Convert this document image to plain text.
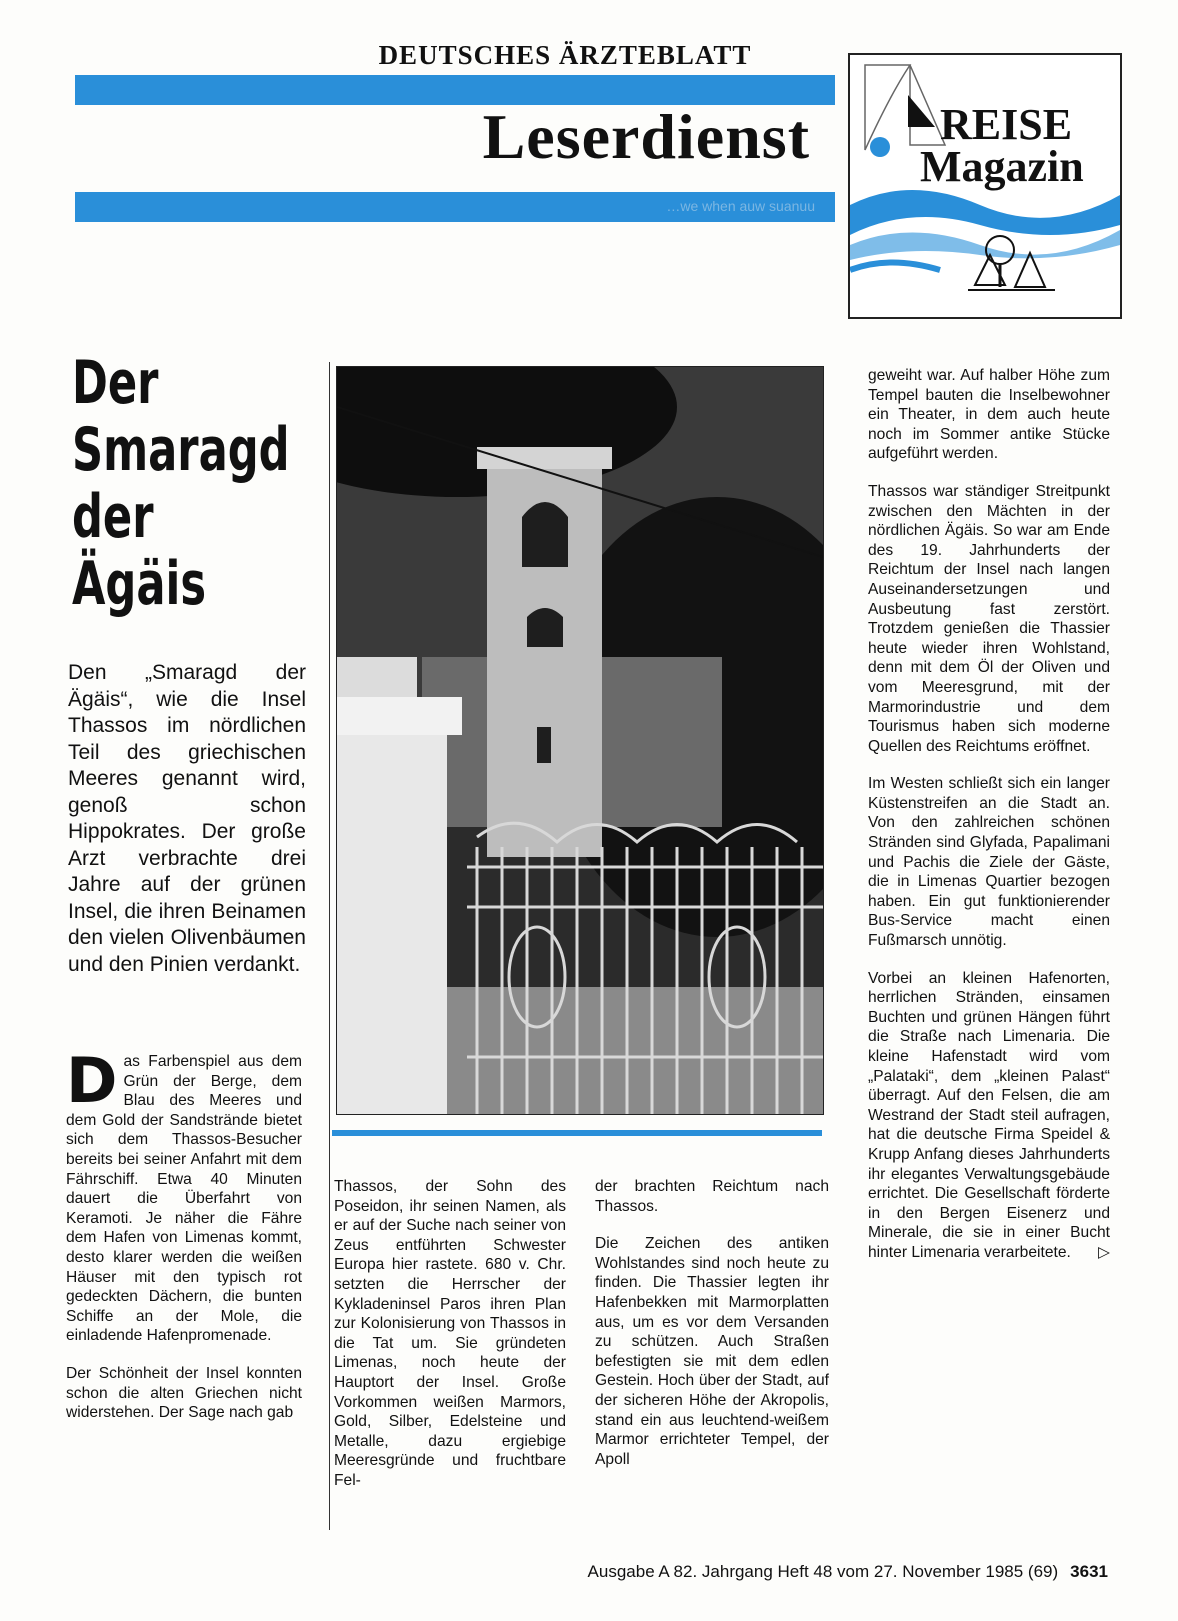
DEUTSCHES ÄRZTEBLATT
Leserdienst
…we when auw suanuu
REISE
Magazin
Der
Smaragd
der
Ägäis
Den „Smaragd der Ägäis“, wie die Insel Thassos im nördlichen Teil des griechischen Meeres genannt wird, genoß schon Hippokrates. Der große Arzt verbrachte drei Jahre auf der grünen Insel, die ihren Beinamen den vielen Olivenbäumen und den Pinien verdankt.

Das Farbenspiel aus dem Grün der Berge, dem Blau des Meeres und dem Gold der Sandstrände bietet sich dem Thassos-Besucher bereits bei seiner Anfahrt mit dem Fährschiff. Etwa 40 Minuten dauert die Überfahrt von Keramoti. Je näher die Fähre dem Hafen von Limenas kommt, desto klarer werden die weißen Häuser mit den typisch rot gedeckten Dächern, die bunten Schiffe an der Mole, die einladende Hafenpromenade.

Der Schönheit der Insel konnten schon die alten Griechen nicht widerstehen. Der Sage nach gab

Thassos, der Sohn des Poseidon, ihr seinen Namen, als er auf der Suche nach seiner von Zeus entführten Schwester Europa hier rastete. 680 v. Chr. setzten die Herrscher der Kykladeninsel Paros ihren Plan zur Kolonisierung von Thassos in die Tat um. Sie gründeten Limenas, noch heute der Hauptort der Insel. Große Vorkommen weißen Marmors, Gold, Silber, Edelsteine und Metalle, dazu ergiebige Meeresgründe und fruchtbare Fel-

der brachten Reichtum nach Thassos.

Die Zeichen des antiken Wohlstandes sind noch heute zu finden. Die Thassier legten ihr Hafenbekken mit Marmorplatten aus, um es vor dem Versanden zu schützen. Auch Straßen befestigten sie mit dem edlen Gestein. Hoch über der Stadt, auf der sicheren Höhe der Akropolis, stand ein aus leuchtend-weißem Marmor errichteter Tempel, der Apoll

geweiht war. Auf halber Höhe zum Tempel bauten die Inselbewohner ein Theater, in dem auch heute noch im Sommer antike Stücke aufgeführt werden.

Thassos war ständiger Streitpunkt zwischen den Mächten in der nördlichen Ägäis. So war am Ende des 19. Jahrhunderts der Reichtum der Insel nach langen Auseinandersetzungen und Ausbeutung fast zerstört. Trotzdem genießen die Thassier heute wieder ihren Wohlstand, denn mit dem Öl der Oliven und vom Meeresgrund, mit der Marmorindustrie und dem Tourismus haben sich moderne Quellen des Reichtums eröffnet.

Im Westen schließt sich ein langer Küstenstreifen an die Stadt an. Von den zahlreichen schönen Stränden sind Glyfada, Papalimani und Pachis die Ziele der Gäste, die in Limenas Quartier bezogen haben. Ein gut funktionierender Bus-Service macht einen Fußmarsch unnötig.

Vorbei an kleinen Hafenorten, herrlichen Stränden, einsamen Buchten und grünen Hängen führt die Straße nach Limenaria. Die kleine Hafenstadt wird vom „Palataki“, dem „kleinen Palast“ überragt. Auf den Felsen, die am Westrand der Stadt steil aufragen, hat die deutsche Firma Speidel & Krupp Anfang dieses Jahrhunderts ihr elegantes Verwaltungsgebäude errichtet. Die Gesellschaft förderte in den Bergen Eisenerz und Minerale, die sie in einer Bucht hinter Limenaria verarbeitete. ▷

Ausgabe A 82. Jahrgang Heft 48 vom 27. November 1985 (69) 3631
